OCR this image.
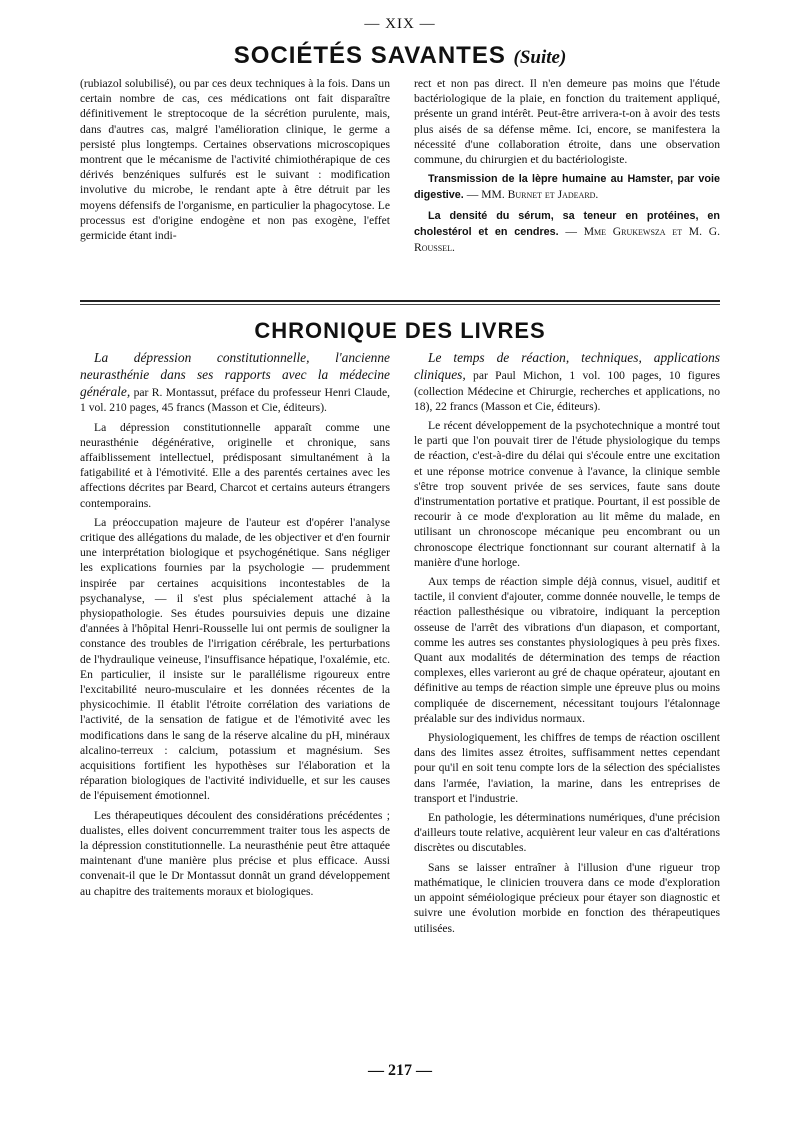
— XIX —
SOCIÉTÉS SAVANTES (Suite)

(rubiazol solubilisé), ou par ces deux techniques à la fois. Dans un certain nombre de cas, ces médications ont fait disparaître définitivement le streptocoque de la sécrétion purulente, mais, dans d'autres cas, malgré l'amélioration clinique, le germe a persisté plus longtemps. Certaines observations microscopiques montrent que le mécanisme de l'activité chimiothérapique de ces dérivés benzéniques sulfurés est le suivant : modification involutive du microbe, le rendant apte à être détruit par les moyens défensifs de l'organisme, en particulier la phagocytose. Le processus est d'origine endogène et non pas exogène, l'effet germicide étant indi-

rect et non pas direct. Il n'en demeure pas moins que l'étude bactériologique de la plaie, en fonction du traitement appliqué, présente un grand intérêt. Peut-être arrivera-t-on à avoir des tests plus aisés de sa défense même. Ici, encore, se manifestera la nécessité d'une collaboration étroite, dans une observation commune, du chirurgien et du bactériologiste.

Transmission de la lèpre humaine au Hamster, par voie digestive. — MM. Burnet et Jadeard.

La densité du sérum, sa teneur en protéines, en cholestérol et en cendres. — Mme Grukewsza et M. G. Roussel.

CHRONIQUE DES LIVRES

La dépression constitutionnelle, l'ancienne neurasthénie dans ses rapports avec la médecine générale, par R. Montassut, préface du professeur Henri Claude, 1 vol. 210 pages, 45 francs (Masson et Cie, éditeurs).

La dépression constitutionnelle apparaît comme une neurasthénie dégénérative, originelle et chronique, sans affaiblissement intellectuel, prédisposant simultanément à la fatigabilité et à l'émotivité. Elle a des parentés certaines avec les affections décrites par Beard, Charcot et certains auteurs étrangers contemporains.

La préoccupation majeure de l'auteur est d'opérer l'analyse critique des allégations du malade, de les objectiver et d'en fournir une interprétation biologique et psychogénétique. Sans négliger les explications fournies par la psychologie — prudemment inspirée par certaines acquisitions incontestables de la psychanalyse, — il s'est plus spécialement attaché à la physiopathologie. Ses études poursuivies depuis une dizaine d'années à l'hôpital Henri-Rousselle lui ont permis de souligner la constance des troubles de l'irrigation cérébrale, les perturbations de l'hydraulique veineuse, l'insuffisance hépatique, l'oxalémie, etc. En particulier, il insiste sur le parallélisme rigoureux entre l'excitabilité neuro-musculaire et les données récentes de la physicochimie. Il établit l'étroite corrélation des variations de l'activité, de la sensation de fatigue et de l'émotivité avec les modifications dans le sang de la réserve alcaline du pH, minéraux alcalino-terreux : calcium, potassium et magnésium. Ses acquisitions fortifient les hypothèses sur l'élaboration et la réparation biologiques de l'activité individuelle, et sur les causes de l'épuisement émotionnel.

Les thérapeutiques découlent des considérations précédentes ; dualistes, elles doivent concurremment traiter tous les aspects de la dépression constitutionnelle. La neurasthénie peut être attaquée maintenant d'une manière plus précise et plus efficace. Aussi convenait-il que le Dr Montassut donnât un grand développement au chapitre des traitements moraux et biologiques.

Le temps de réaction, techniques, applications cliniques, par Paul Michon, 1 vol. 100 pages, 10 figures (collection Médecine et Chirurgie, recherches et applications, no 18), 22 francs (Masson et Cie, éditeurs).

Le récent développement de la psychotechnique a montré tout le parti que l'on pouvait tirer de l'étude physiologique du temps de réaction, c'est-à-dire du délai qui s'écoule entre une excitation et une réponse motrice convenue à l'avance, la clinique semble s'être trop souvent privée de ses services, faute sans doute d'instrumentation portative et pratique. Pourtant, il est possible de recourir à ce mode d'exploration au lit même du malade, en utilisant un chronoscope mécanique peu encombrant ou un chronoscope électrique fonctionnant sur courant alternatif à la manière d'une horloge.

Aux temps de réaction simple déjà connus, visuel, auditif et tactile, il convient d'ajouter, comme donnée nouvelle, le temps de réaction pallesthésique ou vibratoire, indiquant la perception osseuse de l'arrêt des vibrations d'un diapason, et comportant, comme les autres ses constantes physiologiques à peu près fixes. Quant aux modalités de détermination des temps de réaction complexes, elles varieront au gré de chaque opérateur, ajoutant en définitive au temps de réaction simple une épreuve plus ou moins compliquée de discernement, nécessitant toujours l'étalonnage préalable sur des individus normaux.

Physiologiquement, les chiffres de temps de réaction oscillent dans des limites assez étroites, suffisamment nettes cependant pour qu'il en soit tenu compte lors de la sélection des spécialistes dans l'armée, l'aviation, la marine, dans les entreprises de transport et l'industrie.

En pathologie, les déterminations numériques, d'une précision d'ailleurs toute relative, acquièrent leur valeur en cas d'altérations discrètes ou discutables.

Sans se laisser entraîner à l'illusion d'une rigueur trop mathématique, le clinicien trouvera dans ce mode d'exploration un appoint séméiologique précieux pour étayer son diagnostic et suivre une évolution morbide en fonction des thérapeutiques utilisées.

— 217 —
